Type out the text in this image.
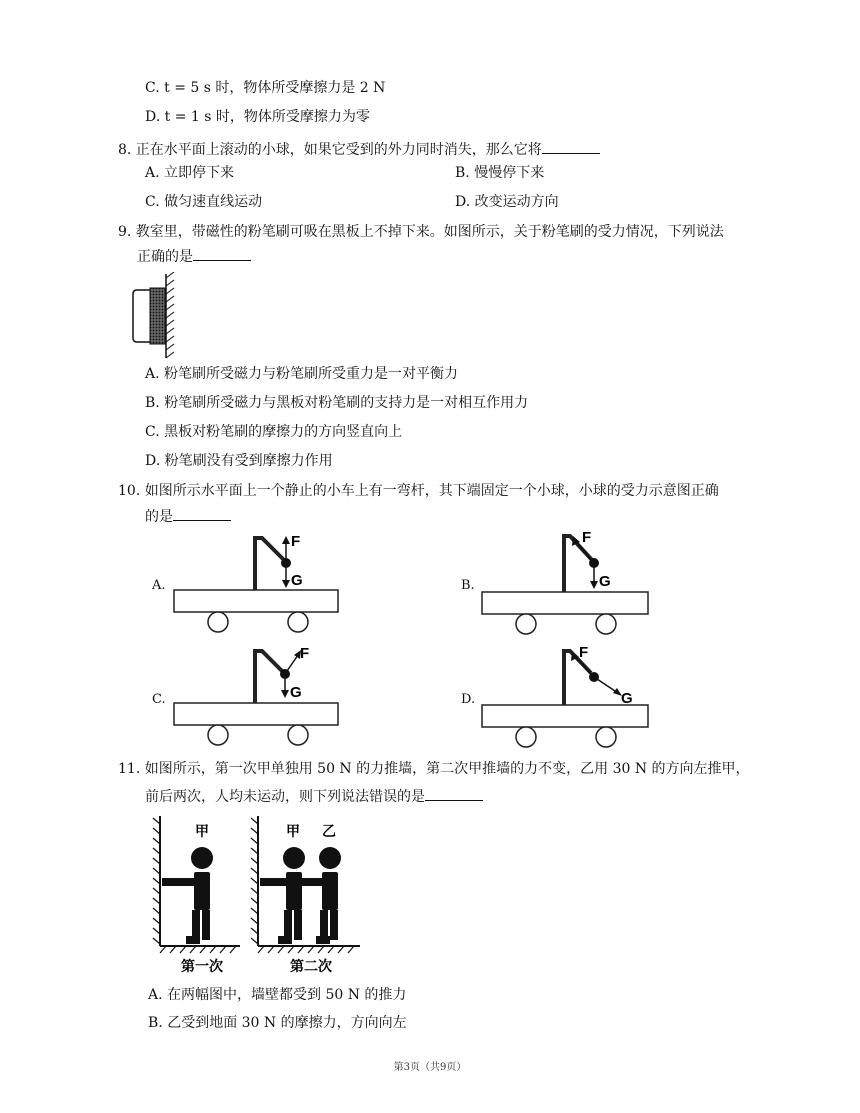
C. t = 5 s 时，物体所受摩擦力是 2 N
D. t = 1 s 时，物体所受摩擦力为零
8. 正在水平面上滚动的小球，如果它受到的外力同时消失，那么它将
A. 立即停下来	B. 慢慢停下来
C. 做匀速直线运动	D. 改变运动方向
9. 教室里，带磁性的粉笔刷可吸在黑板上不掉下来。如图所示，关于粉笔刷的受力情况，下列说法
正确的是
A. 粉笔刷所受磁力与粉笔刷所受重力是一对平衡力
B. 粉笔刷所受磁力与黑板对粉笔刷的支持力是一对相互作用力
C. 黑板对粉笔刷的摩擦力的方向竖直向上
D. 粉笔刷没有受到摩擦力作用
10. 如图所示水平面上一个静止的小车上有一弯杆，其下端固定一个小球，小球的受力示意图正确
的是
A.
F
G	B.
F
G
C.
F
G	D.
F
G
11. 如图所示，第一次甲单独用 50 N 的力推墙，第二次甲推墙的力不变，乙用 30 N 的方向左推甲，
前后两次，人均未运动，则下列说法错误的是
甲
第一次
甲 乙
第二次
A. 在两幅图中，墙壁都受到 50 N 的推力
B. 乙受到地面 30 N 的摩擦力，方向向左
第3页（共9页）
